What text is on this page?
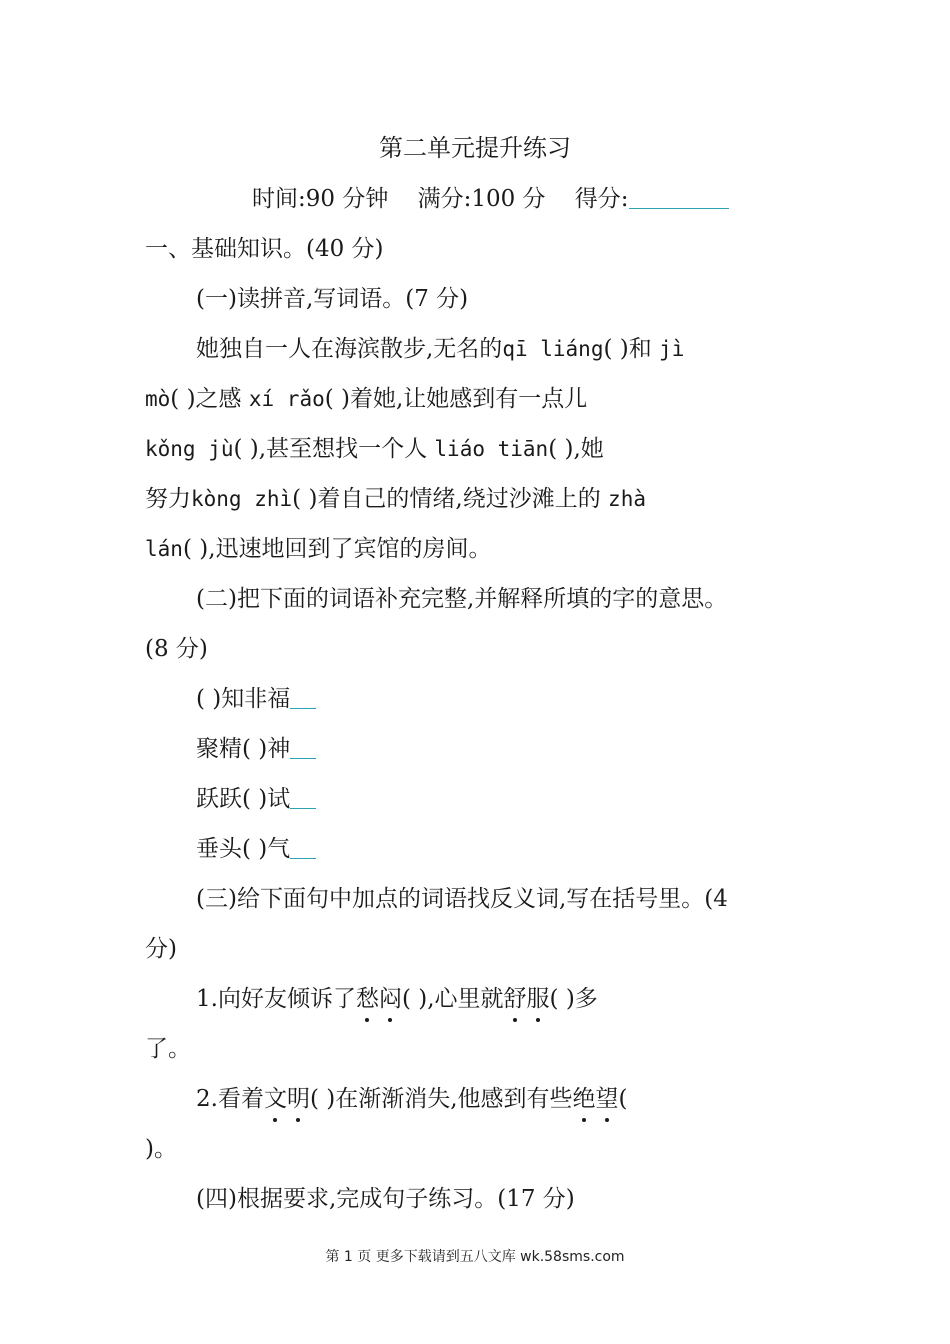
第二单元提升练习
时间:90 分钟 满分:100 分 得分:
一、基础知识。(40 分)
(一)读拼音,写词语。(7 分)
她独自一人在海滨散步,无名的qī liáng( )和 jì
mò( )之感 xí rǎo( )着她,让她感到有一点儿
kǒng jù( ),甚至想找一个人 liáo tiān( ),她
努力kòng zhì( )着自己的情绪,绕过沙滩上的 zhà
lán( ),迅速地回到了宾馆的房间。
(二)把下面的词语补充完整,并解释所填的字的意思。
(8 分)
( )知非福
聚精( )神
跃跃( )试
垂头( )气
(三)给下面句中加点的词语找反义词,写在括号里。(4
分)
1.向好友倾诉了愁闷( ),心里就舒服( )多
了。
2.看着文明( )在渐渐消失,他感到有些绝望(
)。
(四)根据要求,完成句子练习。(17 分)
第 1 页 更多下载请到五八文库 wk.58sms.com
